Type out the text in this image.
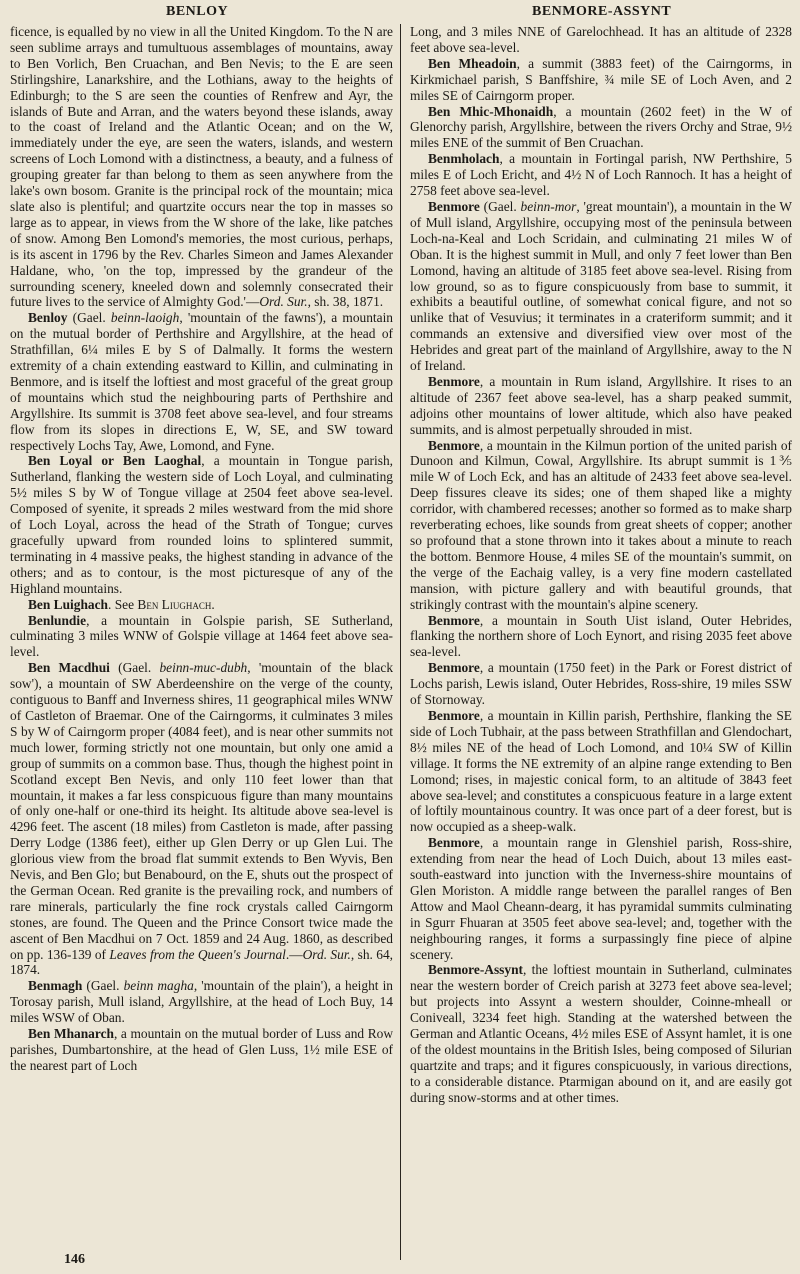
BENLOY	BENMORE-ASSYNT

ficence, is equalled by no view in all the United Kingdom. To the N are seen sublime arrays and tumultuous assemblages of mountains, away to Ben Vorlich, Ben Cruachan, and Ben Nevis; to the E are seen Stirlingshire, Lanarkshire, and the Lothians, away to the heights of Edinburgh; to the S are seen the counties of Renfrew and Ayr, the islands of Bute and Arran, and the waters beyond these islands, away to the coast of Ireland and the Atlantic Ocean; and on the W, immediately under the eye, are seen the waters, islands, and western screens of Loch Lomond with a distinctness, a beauty, and a fulness of grouping greater far than belong to them as seen anywhere from the lake's own bosom. Granite is the principal rock of the mountain; mica slate also is plentiful; and quartzite occurs near the top in masses so large as to appear, in views from the W shore of the lake, like patches of snow. Among Ben Lomond's memories, the most curious, perhaps, is its ascent in 1796 by the Rev. Charles Simeon and James Alexander Haldane, who, 'on the top, impressed by the grandeur of the surrounding scenery, kneeled down and solemnly consecrated their future lives to the service of Almighty God.'—Ord. Sur., sh. 38, 1871.

Benloy (Gael. beinn-laoigh, 'mountain of the fawns'), a mountain on the mutual border of Perthshire and Argyllshire, at the head of Strathfillan, 6¼ miles E by S of Dalmally. It forms the western extremity of a chain extending eastward to Killin, and culminating in Benmore, and is itself the loftiest and most graceful of the great group of mountains which stud the neighbouring parts of Perthshire and Argyllshire. Its summit is 3708 feet above sea-level, and four streams flow from its slopes in directions E, W, SE, and SW toward respectively Lochs Tay, Awe, Lomond, and Fyne.

Ben Loyal or Ben Laoghal, a mountain in Tongue parish, Sutherland, flanking the western side of Loch Loyal, and culminating 5½ miles S by W of Tongue village at 2504 feet above sea-level. Composed of syenite, it spreads 2 miles westward from the mid shore of Loch Loyal, across the head of the Strath of Tongue; curves gracefully upward from rounded loins to splintered summit, terminating in 4 massive peaks, the highest standing in advance of the others; and as to contour, is the most picturesque of any of the Highland mountains.

Ben Luighach. See Ben Liughach.

Benlundie, a mountain in Golspie parish, SE Sutherland, culminating 3 miles WNW of Golspie village at 1464 feet above sea-level.

Ben Macdhui (Gael. beinn-muc-dubh, 'mountain of the black sow'), a mountain of SW Aberdeenshire on the verge of the county, contiguous to Banff and Inverness shires, 11 geographical miles WNW of Castleton of Braemar. One of the Cairngorms, it culminates 3 miles S by W of Cairngorm proper (4084 feet), and is near other summits not much lower, forming strictly not one mountain, but only one amid a group of summits on a common base. Thus, though the highest point in Scotland except Ben Nevis, and only 110 feet lower than that mountain, it makes a far less conspicuous figure than many mountains of only one-half or one-third its height. Its altitude above sea-level is 4296 feet. The ascent (18 miles) from Castleton is made, after passing Derry Lodge (1386 feet), either up Glen Derry or up Glen Lui. The glorious view from the broad flat summit extends to Ben Wyvis, Ben Nevis, and Ben Glo; but Benabourd, on the E, shuts out the prospect of the German Ocean. Red granite is the prevailing rock, and numbers of rare minerals, particularly the fine rock crystals called Cairngorm stones, are found. The Queen and the Prince Consort twice made the ascent of Ben Macdhui on 7 Oct. 1859 and 24 Aug. 1860, as described on pp. 136-139 of Leaves from the Queen's Journal.—Ord. Sur., sh. 64, 1874.

Benmagh (Gael. beinn magha, 'mountain of the plain'), a height in Torosay parish, Mull island, Argyllshire, at the head of Loch Buy, 14 miles WSW of Oban.

Ben Mhanarch, a mountain on the mutual border of Luss and Row parishes, Dumbartonshire, at the head of Glen Luss, 1½ mile ESE of the nearest part of Loch

Long, and 3 miles NNE of Garelochhead. It has an altitude of 2328 feet above sea-level.

Ben Mheadoin, a summit (3883 feet) of the Cairngorms, in Kirkmichael parish, S Banffshire, ¾ mile SE of Loch Aven, and 2 miles SE of Cairngorm proper.

Ben Mhic-Mhonaidh, a mountain (2602 feet) in the W of Glenorchy parish, Argyllshire, between the rivers Orchy and Strae, 9½ miles ENE of the summit of Ben Cruachan.

Benmholach, a mountain in Fortingal parish, NW Perthshire, 5 miles E of Loch Ericht, and 4½ N of Loch Rannoch. It has a height of 2758 feet above sea-level.

Benmore (Gael. beinn-mor, 'great mountain'), a mountain in the W of Mull island, Argyllshire, occupying most of the peninsula between Loch-na-Keal and Loch Scridain, and culminating 21 miles W of Oban. It is the highest summit in Mull, and only 7 feet lower than Ben Lomond, having an altitude of 3185 feet above sea-level. Rising from low ground, so as to figure conspicuously from base to summit, it exhibits a beautiful outline, of somewhat conical figure, and not so unlike that of Vesuvius; it terminates in a crateriform summit; and it commands an extensive and diversified view over most of the Hebrides and great part of the mainland of Argyllshire, away to the N of Ireland.

Benmore, a mountain in Rum island, Argyllshire. It rises to an altitude of 2367 feet above sea-level, has a sharp peaked summit, adjoins other mountains of lower altitude, which also have peaked summits, and is almost perpetually shrouded in mist.

Benmore, a mountain in the Kilmun portion of the united parish of Dunoon and Kilmun, Cowal, Argyllshire. Its abrupt summit is 1⅗ mile W of Loch Eck, and has an altitude of 2433 feet above sea-level. Deep fissures cleave its sides; one of them shaped like a mighty corridor, with chambered recesses; another so formed as to make sharp reverberating echoes, like sounds from great sheets of copper; another so profound that a stone thrown into it takes about a minute to reach the bottom. Benmore House, 4 miles SE of the mountain's summit, on the verge of the Eachaig valley, is a very fine modern castellated mansion, with picture gallery and with beautiful grounds, that strikingly contrast with the mountain's alpine scenery.

Benmore, a mountain in South Uist island, Outer Hebrides, flanking the northern shore of Loch Eynort, and rising 2035 feet above sea-level.

Benmore, a mountain (1750 feet) in the Park or Forest district of Lochs parish, Lewis island, Outer Hebrides, Ross-shire, 19 miles SSW of Stornoway.

Benmore, a mountain in Killin parish, Perthshire, flanking the SE side of Loch Tubhair, at the pass between Strathfillan and Glendochart, 8½ miles NE of the head of Loch Lomond, and 10¼ SW of Killin village. It forms the NE extremity of an alpine range extending to Ben Lomond; rises, in majestic conical form, to an altitude of 3843 feet above sea-level; and constitutes a conspicuous feature in a large extent of loftily mountainous country. It was once part of a deer forest, but is now occupied as a sheep-walk.

Benmore, a mountain range in Glenshiel parish, Ross-shire, extending from near the head of Loch Duich, about 13 miles east-south-eastward into junction with the Inverness-shire mountains of Glen Moriston. A middle range between the parallel ranges of Ben Attow and Maol Cheann-dearg, it has pyramidal summits culminating in Sgurr Fhuaran at 3505 feet above sea-level; and, together with the neighbouring ranges, it forms a surpassingly fine piece of alpine scenery.

Benmore-Assynt, the loftiest mountain in Sutherland, culminates near the western border of Creich parish at 3273 feet above sea-level; but projects into Assynt a western shoulder, Coinne-mheall or Coniveall, 3234 feet high. Standing at the watershed between the German and Atlantic Oceans, 4½ miles ESE of Assynt hamlet, it is one of the oldest mountains in the British Isles, being composed of Silurian quartzite and traps; and it figures conspicuously, in various directions, to a considerable distance. Ptarmigan abound on it, and are easily got during snow-storms and at other times.

146
